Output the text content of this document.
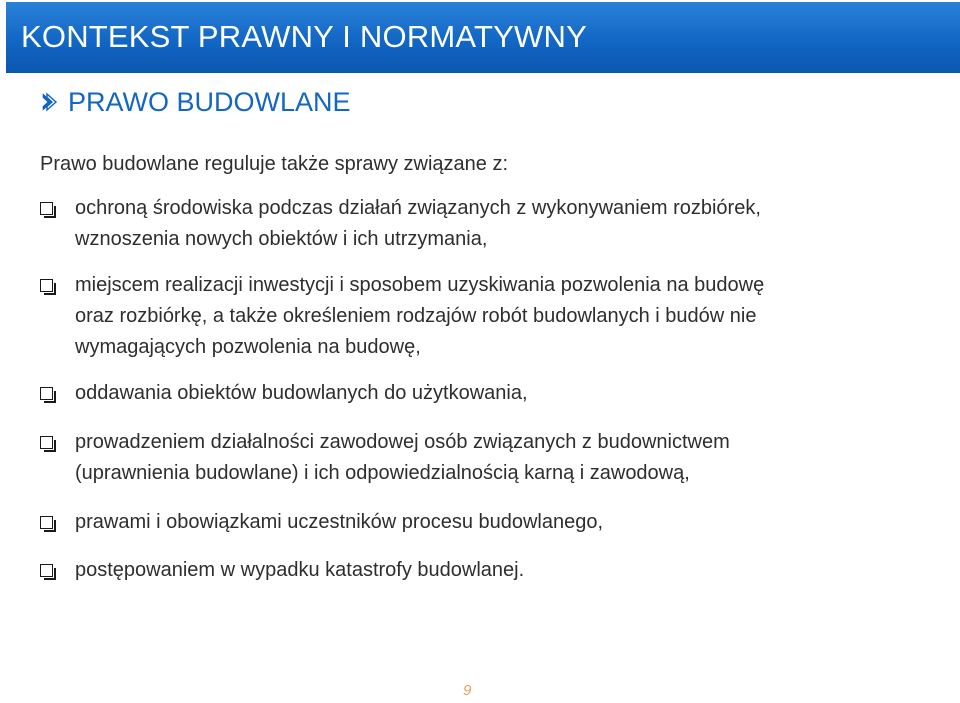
KONTEKST PRAWNY I NORMATYWNY
PRAWO BUDOWLANE
Prawo budowlane reguluje także sprawy związane z:
ochroną środowiska podczas działań związanych z wykonywaniem rozbiórek,
wznoszenia nowych obiektów i ich utrzymania,
miejscem realizacji inwestycji i sposobem uzyskiwania pozwolenia na budowę
oraz rozbiórkę, a także określeniem rodzajów robót budowlanych i budów nie
wymagających pozwolenia na budowę,
oddawania obiektów budowlanych do użytkowania,
prowadzeniem działalności zawodowej osób związanych z budownictwem
(uprawnienia budowlane) i ich odpowiedzialnością karną i zawodową,
prawami i obowiązkami uczestników procesu budowlanego,
postępowaniem w wypadku katastrofy budowlanej.
9
